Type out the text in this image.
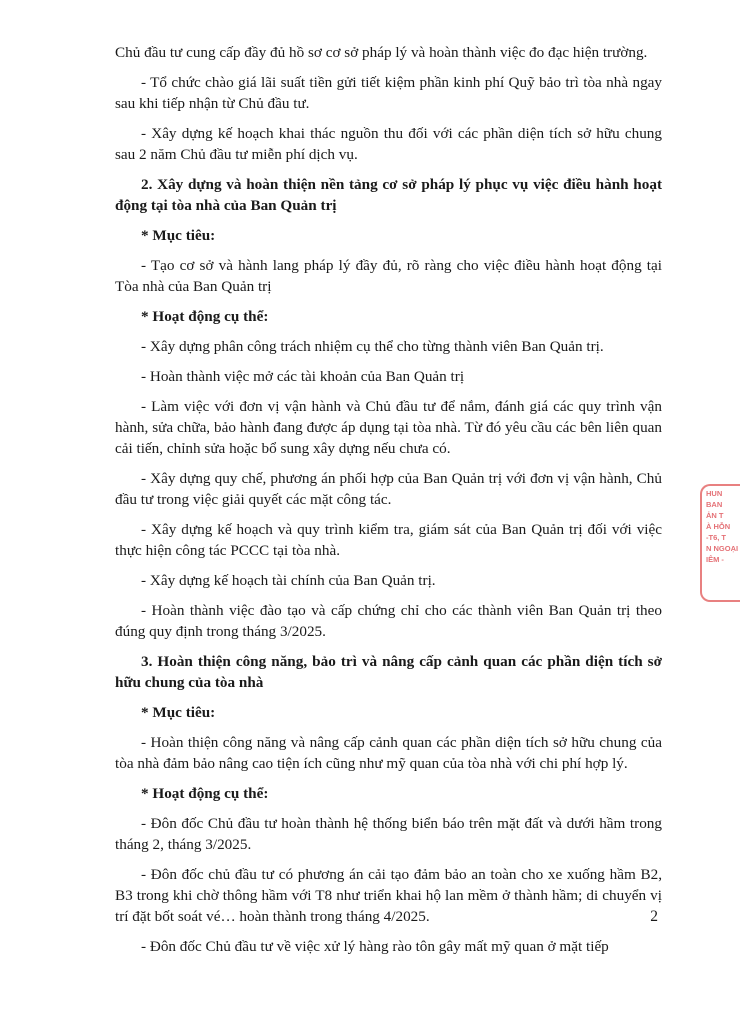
Chủ đầu tư cung cấp đầy đủ hồ sơ cơ sở pháp lý và hoàn thành việc đo đạc hiện trường.

- Tổ chức chào giá lãi suất tiền gửi tiết kiệm phần kinh phí Quỹ bảo trì tòa nhà ngay sau khi tiếp nhận từ Chủ đầu tư.

- Xây dựng kế hoạch khai thác nguồn thu đối với các phần diện tích sở hữu chung sau 2 năm Chủ đầu tư miễn phí dịch vụ.

2. Xây dựng và hoàn thiện nền tảng cơ sở pháp lý phục vụ việc điều hành hoạt động tại tòa nhà của Ban Quản trị

* Mục tiêu:

- Tạo cơ sở và hành lang pháp lý đầy đủ, rõ ràng cho việc điều hành hoạt động tại Tòa nhà của Ban Quản trị

* Hoạt động cụ thể:

- Xây dựng phân công trách nhiệm cụ thể cho từng thành viên Ban Quản trị.

- Hoàn thành việc mở các tài khoản của Ban Quản trị

- Làm việc với đơn vị vận hành và Chủ đầu tư để nắm, đánh giá các quy trình vận hành, sửa chữa, bảo hành đang được áp dụng tại tòa nhà. Từ đó yêu cầu các bên liên quan cải tiến, chỉnh sửa hoặc bổ sung xây dựng nếu chưa có.

- Xây dựng quy chế, phương án phối hợp của Ban Quản trị với đơn vị vận hành, Chủ đầu tư trong việc giải quyết các mặt công tác.

- Xây dựng kế hoạch và quy trình kiểm tra, giám sát của Ban Quản trị đối với việc thực hiện công tác PCCC tại tòa nhà.

- Xây dựng kế hoạch tài chính của Ban Quản trị.

- Hoàn thành việc đào tạo và cấp chứng chỉ cho các thành viên Ban Quản trị theo đúng quy định trong tháng 3/2025.

3. Hoàn thiện công năng, bảo trì và nâng cấp cảnh quan các phần diện tích sở hữu chung của tòa nhà

* Mục tiêu:

- Hoàn thiện công năng và nâng cấp cảnh quan các phần diện tích sở hữu chung của tòa nhà đảm bảo nâng cao tiện ích cũng như mỹ quan của tòa nhà với chi phí hợp lý.

* Hoạt động cụ thể:

- Đôn đốc Chủ đầu tư hoàn thành hệ thống biển báo trên mặt đất và dưới hầm trong tháng 2, tháng 3/2025.

- Đôn đốc chủ đầu tư có phương án cải tạo đảm bảo an toàn cho xe xuống hầm B2, B3 trong khi chờ thông hầm với T8 như triển khai hộ lan mềm ở thành hầm; di chuyển vị trí đặt bốt soát vé… hoàn thành trong tháng 4/2025.

- Đôn đốc Chủ đầu tư về việc xử lý hàng rào tôn gây mất mỹ quan ở mặt tiếp

2
HUN
BAN
ẢN T
À HỖN
-T6, T
N NGOẠI
IÊM -
